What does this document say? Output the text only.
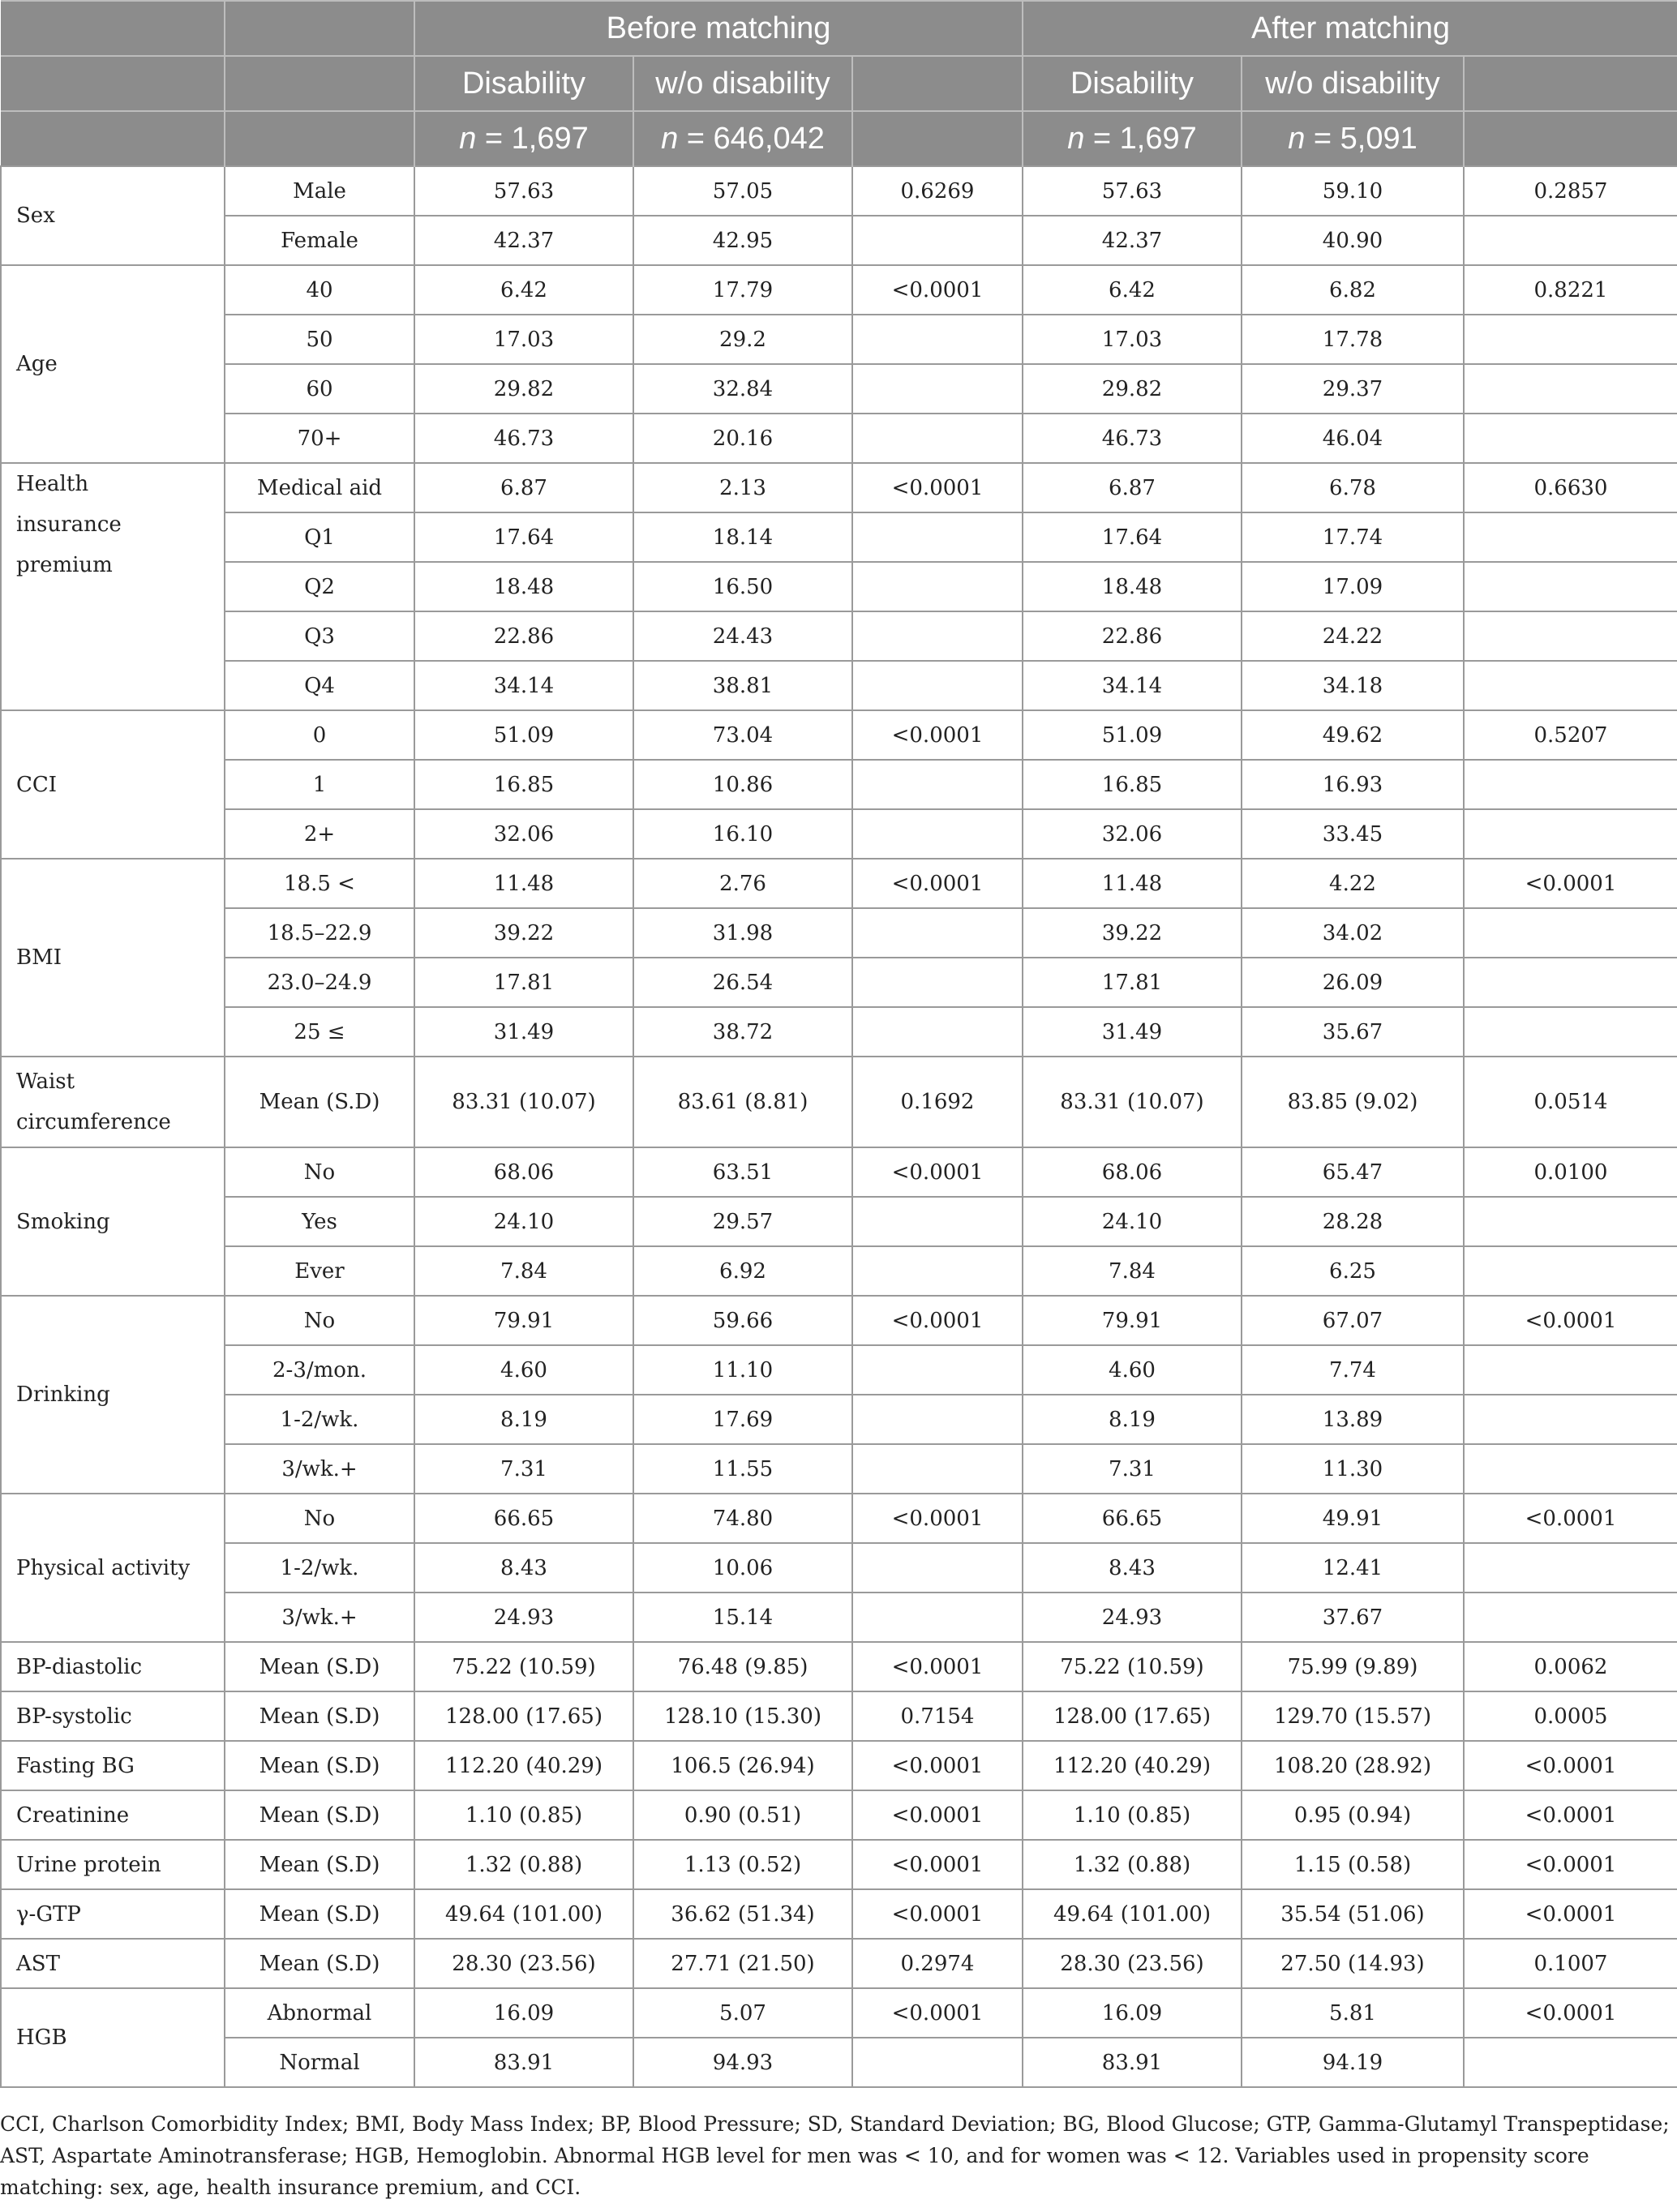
		Before matching			After matching		
		Disability	w/o disability		Disability	w/o disability	
		n = 1,697	n = 646,042		n = 1,697	n = 5,091	
Sex	Male	57.63	57.05	0.6269	57.63	59.10	0.2857
	Female	42.37	42.95		42.37	40.90	
Age	40	6.42	17.79	<0.0001	6.42	6.82	0.8221
	50	17.03	29.2		17.03	17.78	
	60	29.82	32.84		29.82	29.37	
	70+	46.73	20.16		46.73	46.04	
Health insurance premium	Medical aid	6.87	2.13	<0.0001	6.87	6.78	0.6630
	Q1	17.64	18.14		17.64	17.74	
	Q2	18.48	16.50		18.48	17.09	
	Q3	22.86	24.43		22.86	24.22	
	Q4	34.14	38.81		34.14	34.18	
CCI	0	51.09	73.04	<0.0001	51.09	49.62	0.5207
	1	16.85	10.86		16.85	16.93	
	2+	32.06	16.10		32.06	33.45	
BMI	18.5 <	11.48	2.76	<0.0001	11.48	4.22	<0.0001
	18.5–22.9	39.22	31.98		39.22	34.02	
	23.0–24.9	17.81	26.54		17.81	26.09	
	25 ≤	31.49	38.72		31.49	35.67	
Waist circumference	Mean (S.D)	83.31 (10.07)	83.61 (8.81)	0.1692	83.31 (10.07)	83.85 (9.02)	0.0514
Smoking	No	68.06	63.51	<0.0001	68.06	65.47	0.0100
	Yes	24.10	29.57		24.10	28.28	
	Ever	7.84	6.92		7.84	6.25	
Drinking	No	79.91	59.66	<0.0001	79.91	67.07	<0.0001
	2-3/mon.	4.60	11.10		4.60	7.74	
	1-2/wk.	8.19	17.69		8.19	13.89	
	3/wk.+	7.31	11.55		7.31	11.30	
Physical activity	No	66.65	74.80	<0.0001	66.65	49.91	<0.0001
	1-2/wk.	8.43	10.06		8.43	12.41	
	3/wk.+	24.93	15.14		24.93	37.67	
BP-diastolic	Mean (S.D)	75.22 (10.59)	76.48 (9.85)	<0.0001	75.22 (10.59)	75.99 (9.89)	0.0062
BP-systolic	Mean (S.D)	128.00 (17.65)	128.10 (15.30)	0.7154	128.00 (17.65)	129.70 (15.57)	0.0005
Fasting BG	Mean (S.D)	112.20 (40.29)	106.5 (26.94)	<0.0001	112.20 (40.29)	108.20 (28.92)	<0.0001
Creatinine	Mean (S.D)	1.10 (0.85)	0.90 (0.51)	<0.0001	1.10 (0.85)	0.95 (0.94)	<0.0001
Urine protein	Mean (S.D)	1.32 (0.88)	1.13 (0.52)	<0.0001	1.32 (0.88)	1.15 (0.58)	<0.0001
γ-GTP	Mean (S.D)	49.64 (101.00)	36.62 (51.34)	<0.0001	49.64 (101.00)	35.54 (51.06)	<0.0001
AST	Mean (S.D)	28.30 (23.56)	27.71 (21.50)	0.2974	28.30 (23.56)	27.50 (14.93)	0.1007
HGB	Abnormal	16.09	5.07	<0.0001	16.09	5.81	<0.0001
	Normal	83.91	94.93		83.91	94.19	
CCI, Charlson Comorbidity Index; BMI, Body Mass Index; BP, Blood Pressure; SD, Standard Deviation; BG, Blood Glucose; GTP, Gamma-Glutamyl Transpeptidase; AST, Aspartate Aminotransferase; HGB, Hemoglobin. Abnormal HGB level for men was < 10, and for women was < 12. Variables used in propensity score matching: sex, age, health insurance premium, and CCI.
